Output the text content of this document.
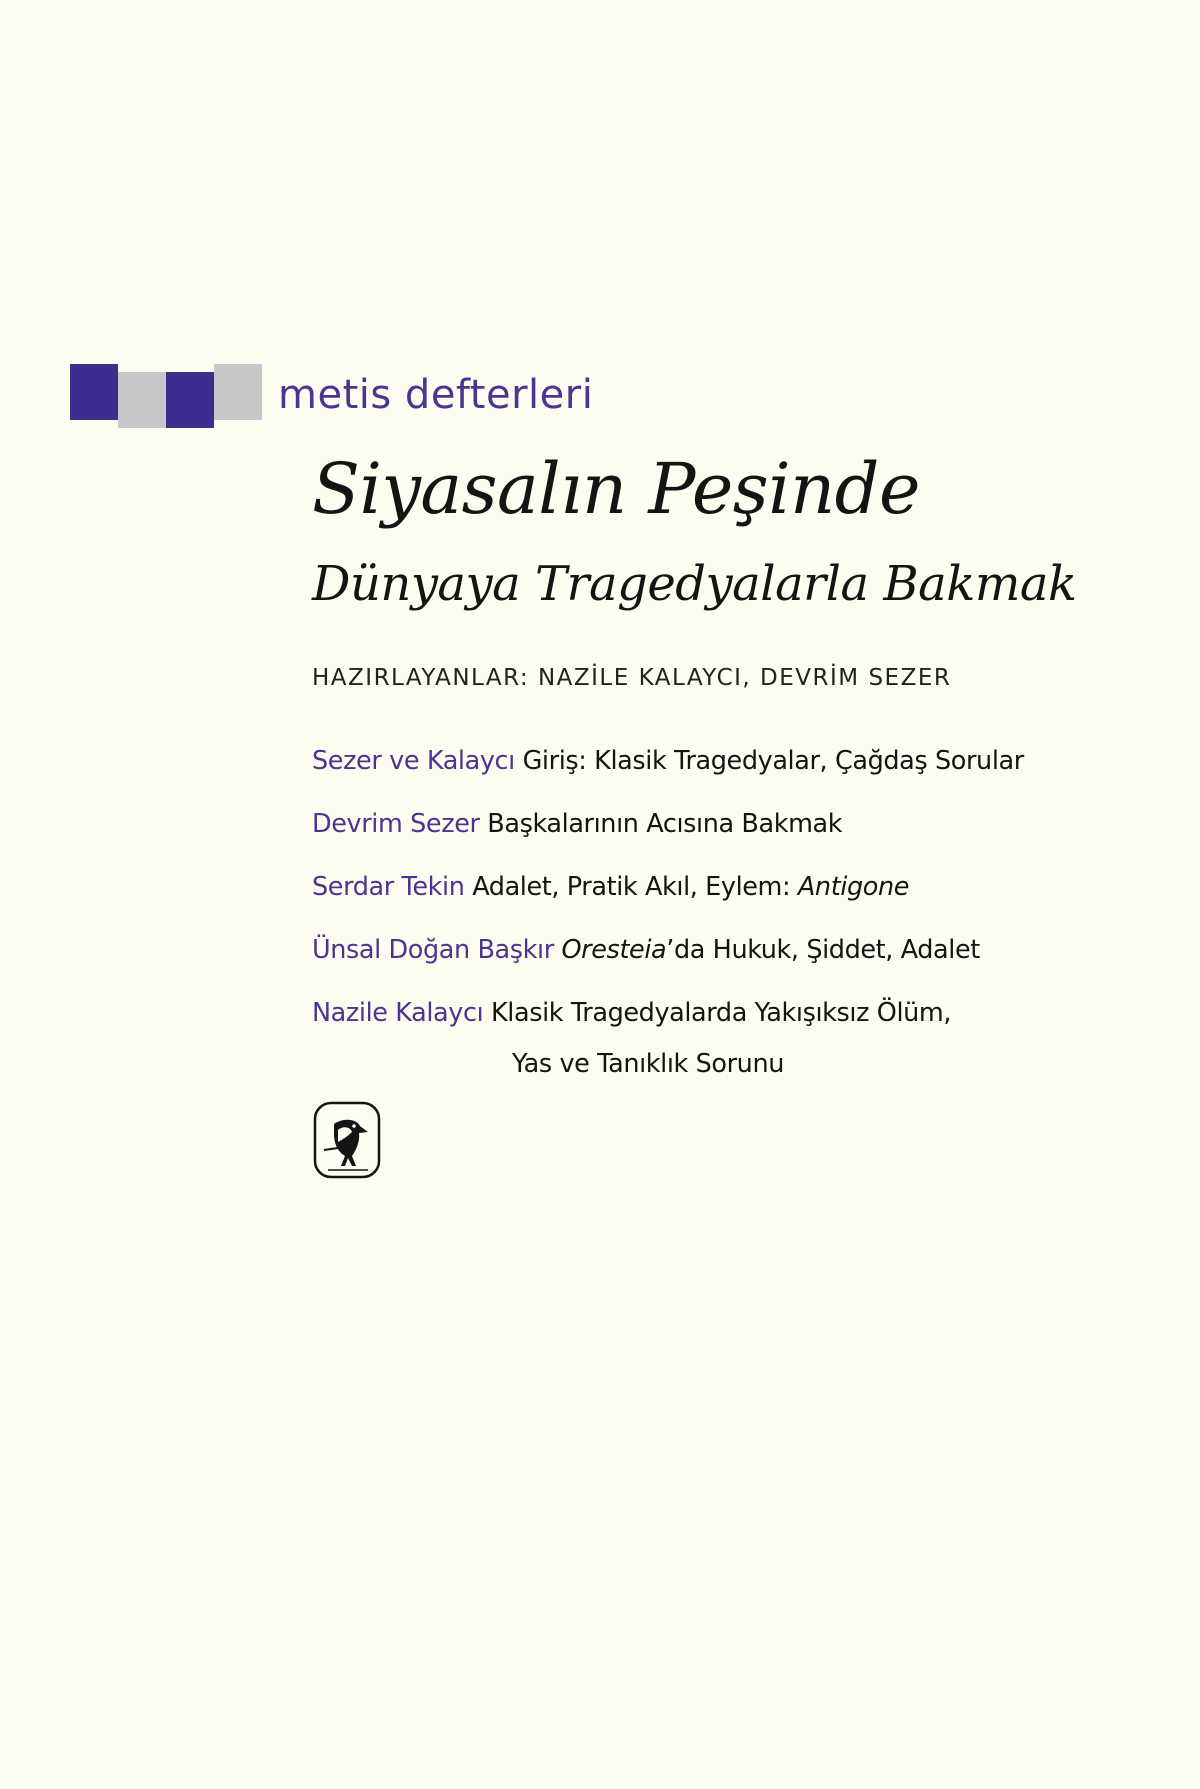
metis defterleri
Siyasalın Peşinde
Dünyaya Tragedyalarla Bakmak
HAZIRLAYANLAR: NAZİLE KALAYCI, DEVRİM SEZER
Sezer ve Kalaycı Giriş: Klasik Tragedyalar, Çağdaş Sorular
Devrim Sezer Başkalarının Acısına Bakmak
Serdar Tekin Adalet, Pratik Akıl, Eylem: Antigone
Ünsal Doğan Başkır Oresteia’da Hukuk, Şiddet, Adalet
Nazile Kalaycı Klasik Tragedyalarda Yakışıksız Ölüm,
Yas ve Tanıklık Sorunu
